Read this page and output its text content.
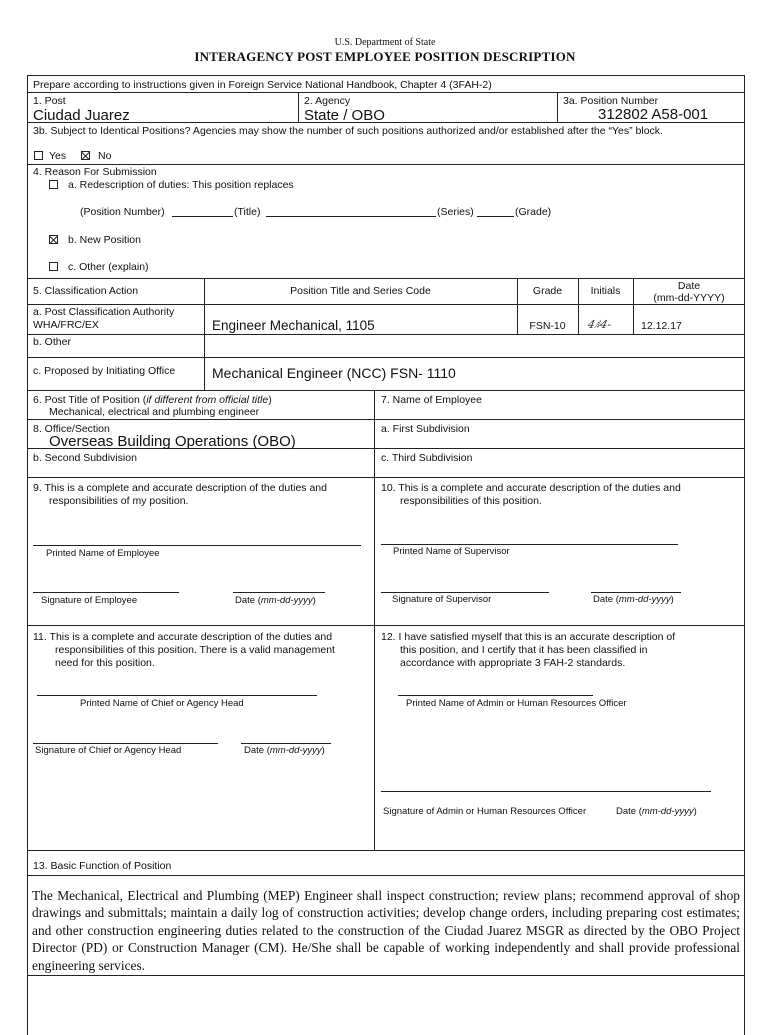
U.S. Department of State
INTERAGENCY POST EMPLOYEE POSITION DESCRIPTION
Prepare according to instructions given in Foreign Service National Handbook, Chapter 4 (3FAH-2)
1. Post
Ciudad Juarez
2. Agency
State / OBO
3a. Position Number
312802 A58-001
3b. Subject to Identical Positions? Agencies may show the number of such positions authorized and/or established after the “Yes” block.
Yes	No
4. Reason For Submission
a. Redescription of duties: This position replaces
(Position Number)	(Title)	(Series)	(Grade)
b. New Position
c. Other (explain)
5. Classification Action	Position Title and Series Code	Grade	Initials	Date
(mm-dd-YYYY)
a. Post Classification Authority
WHA/FRC/EX	Engineer Mechanical, 1105	FSN-10	4ﾙ4-	12.12.17
b. Other
c. Proposed by Initiating Office	Mechanical Engineer (NCC) FSN- 1110
6. Post Title of Position (if different from official title)
Mechanical, electrical and plumbing engineer
7. Name of Employee
8. Office/Section
Overseas Building Operations (OBO)
a. First Subdivision
b. Second Subdivision	c. Third Subdivision
9. This is a complete and accurate description of the duties and
responsibilities of my position.
Printed Name of Employee
Signature of Employee	Date (mm-dd-yyyy)
10. This is a complete and accurate description of the duties and
responsibilities of this position.
Printed Name of Supervisor
Signature of Supervisor	Date (mm-dd-yyyy)
11. This is a complete and accurate description of the duties and
responsibilities of this position. There is a valid management
need for this position.
Printed Name of Chief or Agency Head
Signature of Chief or Agency Head	Date (mm-dd-yyyy)
12. I have satisfied myself that this is an accurate description of
this position, and I certify that it has been classified in
accordance with appropriate 3 FAH-2 standards.
Printed Name of Admin or Human Resources Officer
Signature of Admin or Human Resources Officer	Date (mm-dd-yyyy)
13. Basic Function of Position
The Mechanical, Electrical and Plumbing (MEP) Engineer shall inspect construction; review plans; recommend approval of shop drawings and submittals; maintain a daily log of construction activities; develop change orders, including preparing cost estimates; and other construction engineering duties related to the construction of the Ciudad Juarez MSGR as directed by the OBO Project Director (PD) or Construction Manager (CM). He/She shall be capable of working independently and shall provide professional engineering services.
